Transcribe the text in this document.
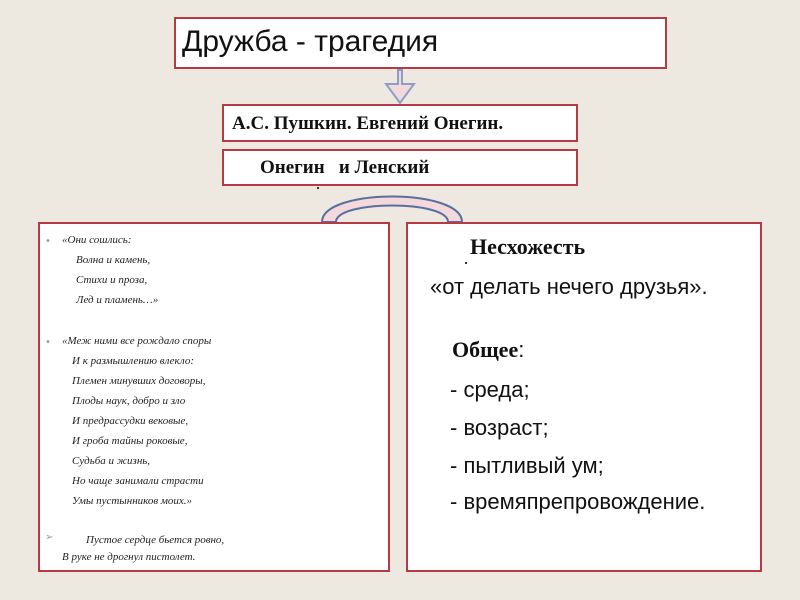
Дружба - трагедия
А.С. Пушкин. Евгений Онегин.
Онегин   и Ленский
• «Они сошлись:
Волна и камень,
Стихи и проза,
Лед и пламень…»
• «Меж ними все рождало споры
И к размышлению влекло:
Племен минувших договоры,
Плоды наук, добро и зло
И предрассудки вековые,
И гроба тайны роковые,
Судьба и жизнь,
Но чаще занимали страсти
Умы пустынников моих.»
➢	Пустое сердце бьется ровно,
В руке не дрогнул пистолет.
Несхожесть
«от делать нечего друзья».
Общее:
- среда;
- возраст;
- пытливый ум;
- времяпрепровождение.
